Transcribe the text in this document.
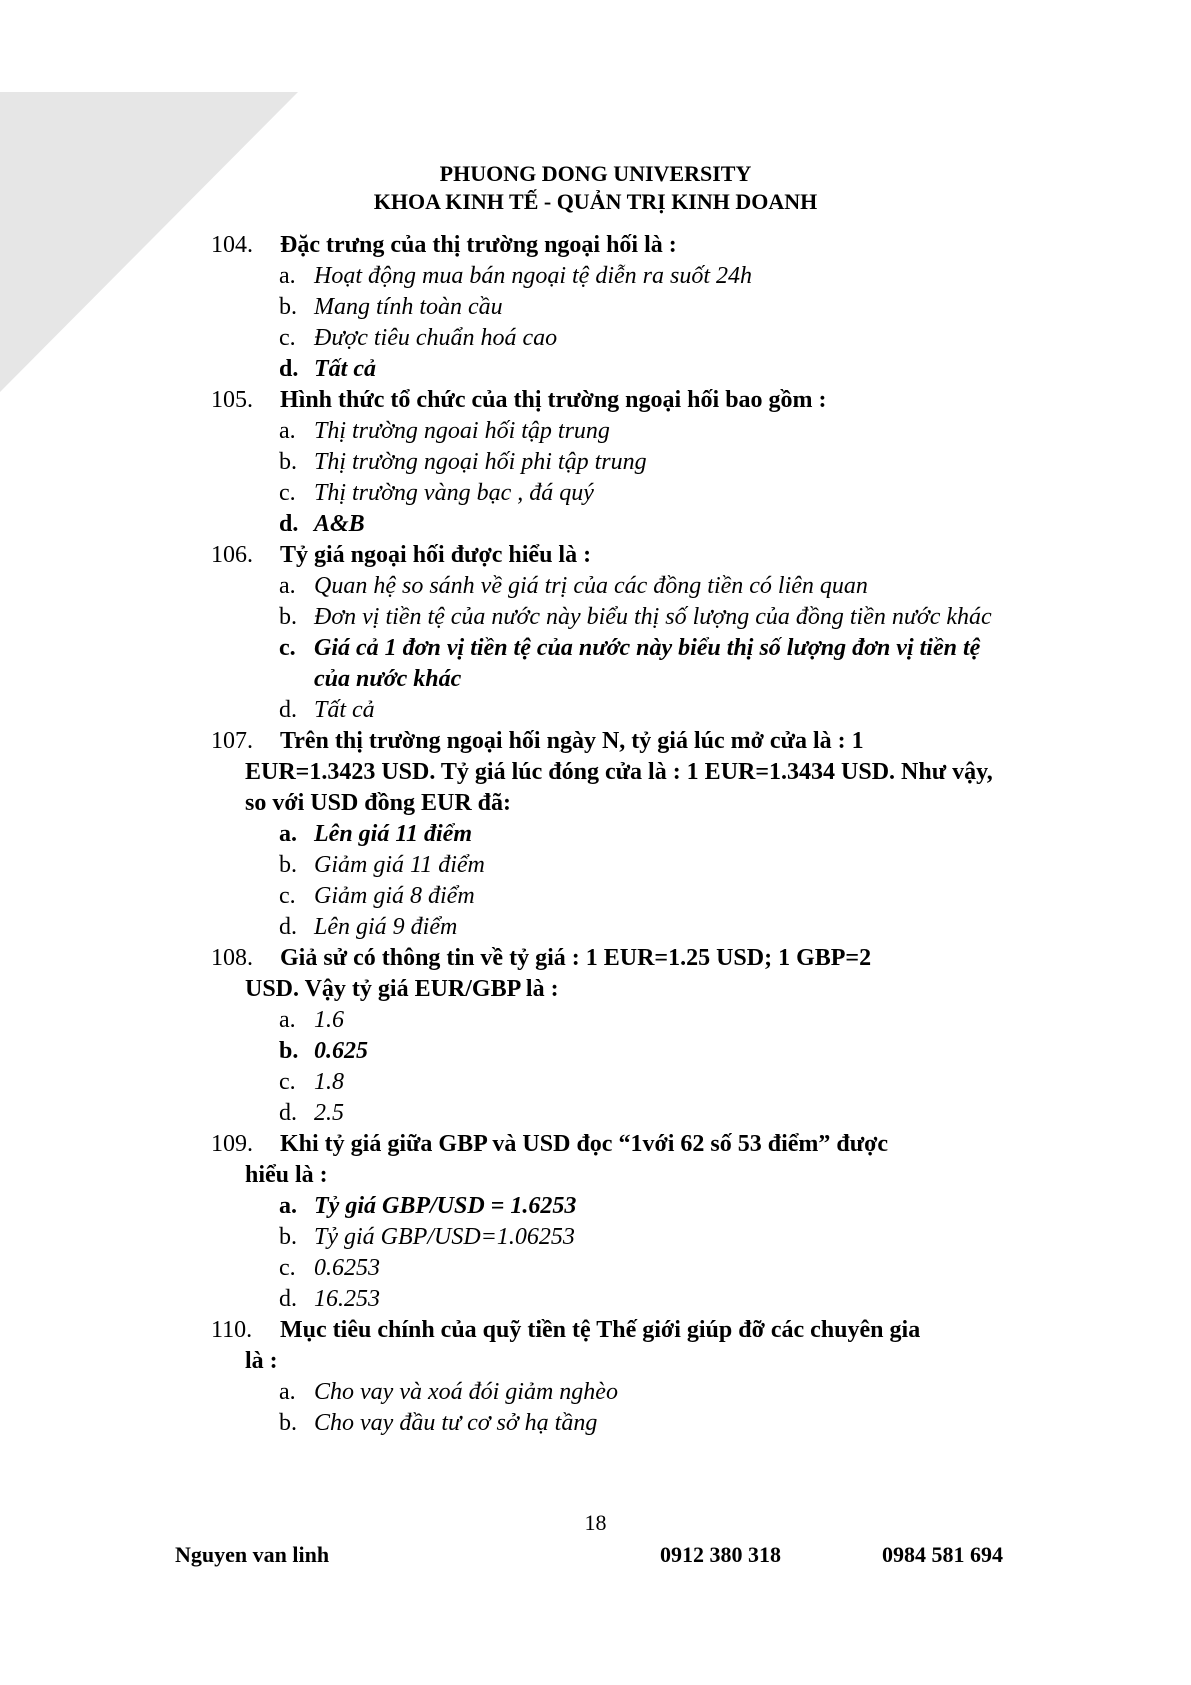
PHUONG DONG UNIVERSITY
KHOA KINH TẾ - QUẢN TRỊ KINH DOANH
104.	Đặc trưng của thị trường ngoại hối là :
a. Hoạt động mua bán ngoại tệ diễn ra suốt 24h
b. Mang tính toàn cầu
c. Được tiêu chuẩn hoá cao
d. Tất cả
105.	Hình thức tổ chức của thị trường ngoại hối bao gồm :
a. Thị trường ngoai hối tập trung
b. Thị trường ngoại hối phi tập trung
c. Thị trường vàng bạc , đá quý
d. A&B
106.	Tỷ giá ngoại hối được hiểu là :
a. Quan hệ so sánh về giá trị của các đồng tiền có liên quan
b. Đơn vị tiền tệ của nước này biểu thị số lượng của đồng tiền nước khác
c. Giá cả 1 đơn vị tiền tệ của nước này biểu thị số lượng đơn vị tiền tệ của nước khác
d. Tất cả
107.	Trên thị trường ngoại hối ngày N, tỷ giá lúc mở cửa là : 1
EUR=1.3423 USD. Tỷ giá lúc đóng cửa là : 1 EUR=1.3434 USD. Như vậy, so với USD đồng EUR đã:
a. Lên giá 11 điểm
b. Giảm giá 11 điểm
c. Giảm giá 8 điểm
d. Lên giá 9 điểm
108.	Giả sử có thông tin về tỷ giá : 1 EUR=1.25 USD; 1 GBP=2
USD. Vậy tỷ giá EUR/GBP là :
a. 1.6
b. 0.625
c. 1.8
d. 2.5
109.	Khi tỷ giá giữa GBP và USD đọc “1với 62 số 53 điểm” được
hiểu là :
a. Tỷ giá GBP/USD = 1.6253
b. Tỷ giá GBP/USD=1.06253
c. 0.6253
d. 16.253
110.	Mục tiêu chính của quỹ tiền tệ Thế giới giúp đỡ các chuyên gia
là :
a. Cho vay và xoá đói giảm nghèo
b. Cho vay đầu tư cơ sở hạ tầng
18
Nguyen van linh	0912 380 318	0984 581 694
